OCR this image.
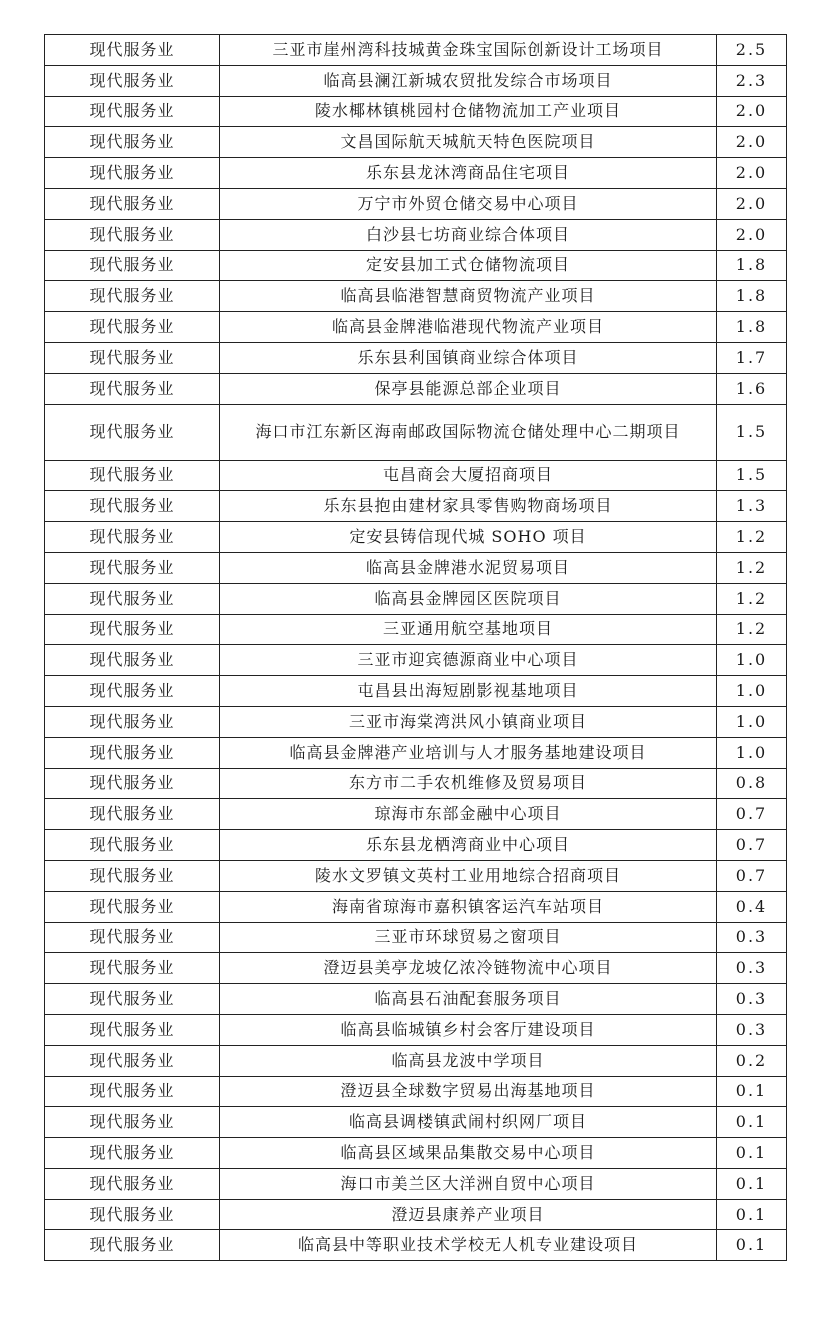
现代服务业	三亚市崖州湾科技城黄金珠宝国际创新设计工场项目	2.5
现代服务业	临高县澜江新城农贸批发综合市场项目	2.3
现代服务业	陵水椰林镇桃园村仓储物流加工产业项目	2.0
现代服务业	文昌国际航天城航天特色医院项目	2.0
现代服务业	乐东县龙沐湾商品住宅项目	2.0
现代服务业	万宁市外贸仓储交易中心项目	2.0
现代服务业	白沙县七坊商业综合体项目	2.0
现代服务业	定安县加工式仓储物流项目	1.8
现代服务业	临高县临港智慧商贸物流产业项目	1.8
现代服务业	临高县金牌港临港现代物流产业项目	1.8
现代服务业	乐东县利国镇商业综合体项目	1.7
现代服务业	保亭县能源总部企业项目	1.6
现代服务业	海口市江东新区海南邮政国际物流仓储处理中心二期项目	1.5
现代服务业	屯昌商会大厦招商项目	1.5
现代服务业	乐东县抱由建材家具零售购物商场项目	1.3
现代服务业	定安县铸信现代城 SOHO 项目	1.2
现代服务业	临高县金牌港水泥贸易项目	1.2
现代服务业	临高县金牌园区医院项目	1.2
现代服务业	三亚通用航空基地项目	1.2
现代服务业	三亚市迎宾德源商业中心项目	1.0
现代服务业	屯昌县出海短剧影视基地项目	1.0
现代服务业	三亚市海棠湾洪风小镇商业项目	1.0
现代服务业	临高县金牌港产业培训与人才服务基地建设项目	1.0
现代服务业	东方市二手农机维修及贸易项目	0.8
现代服务业	琼海市东部金融中心项目	0.7
现代服务业	乐东县龙栖湾商业中心项目	0.7
现代服务业	陵水文罗镇文英村工业用地综合招商项目	0.7
现代服务业	海南省琼海市嘉积镇客运汽车站项目	0.4
现代服务业	三亚市环球贸易之窗项目	0.3
现代服务业	澄迈县美亭龙坡亿浓冷链物流中心项目	0.3
现代服务业	临高县石油配套服务项目	0.3
现代服务业	临高县临城镇乡村会客厅建设项目	0.3
现代服务业	临高县龙波中学项目	0.2
现代服务业	澄迈县全球数字贸易出海基地项目	0.1
现代服务业	临高县调楼镇武闹村织网厂项目	0.1
现代服务业	临高县区域果品集散交易中心项目	0.1
现代服务业	海口市美兰区大洋洲自贸中心项目	0.1
现代服务业	澄迈县康养产业项目	0.1
现代服务业	临高县中等职业技术学校无人机专业建设项目	0.1
